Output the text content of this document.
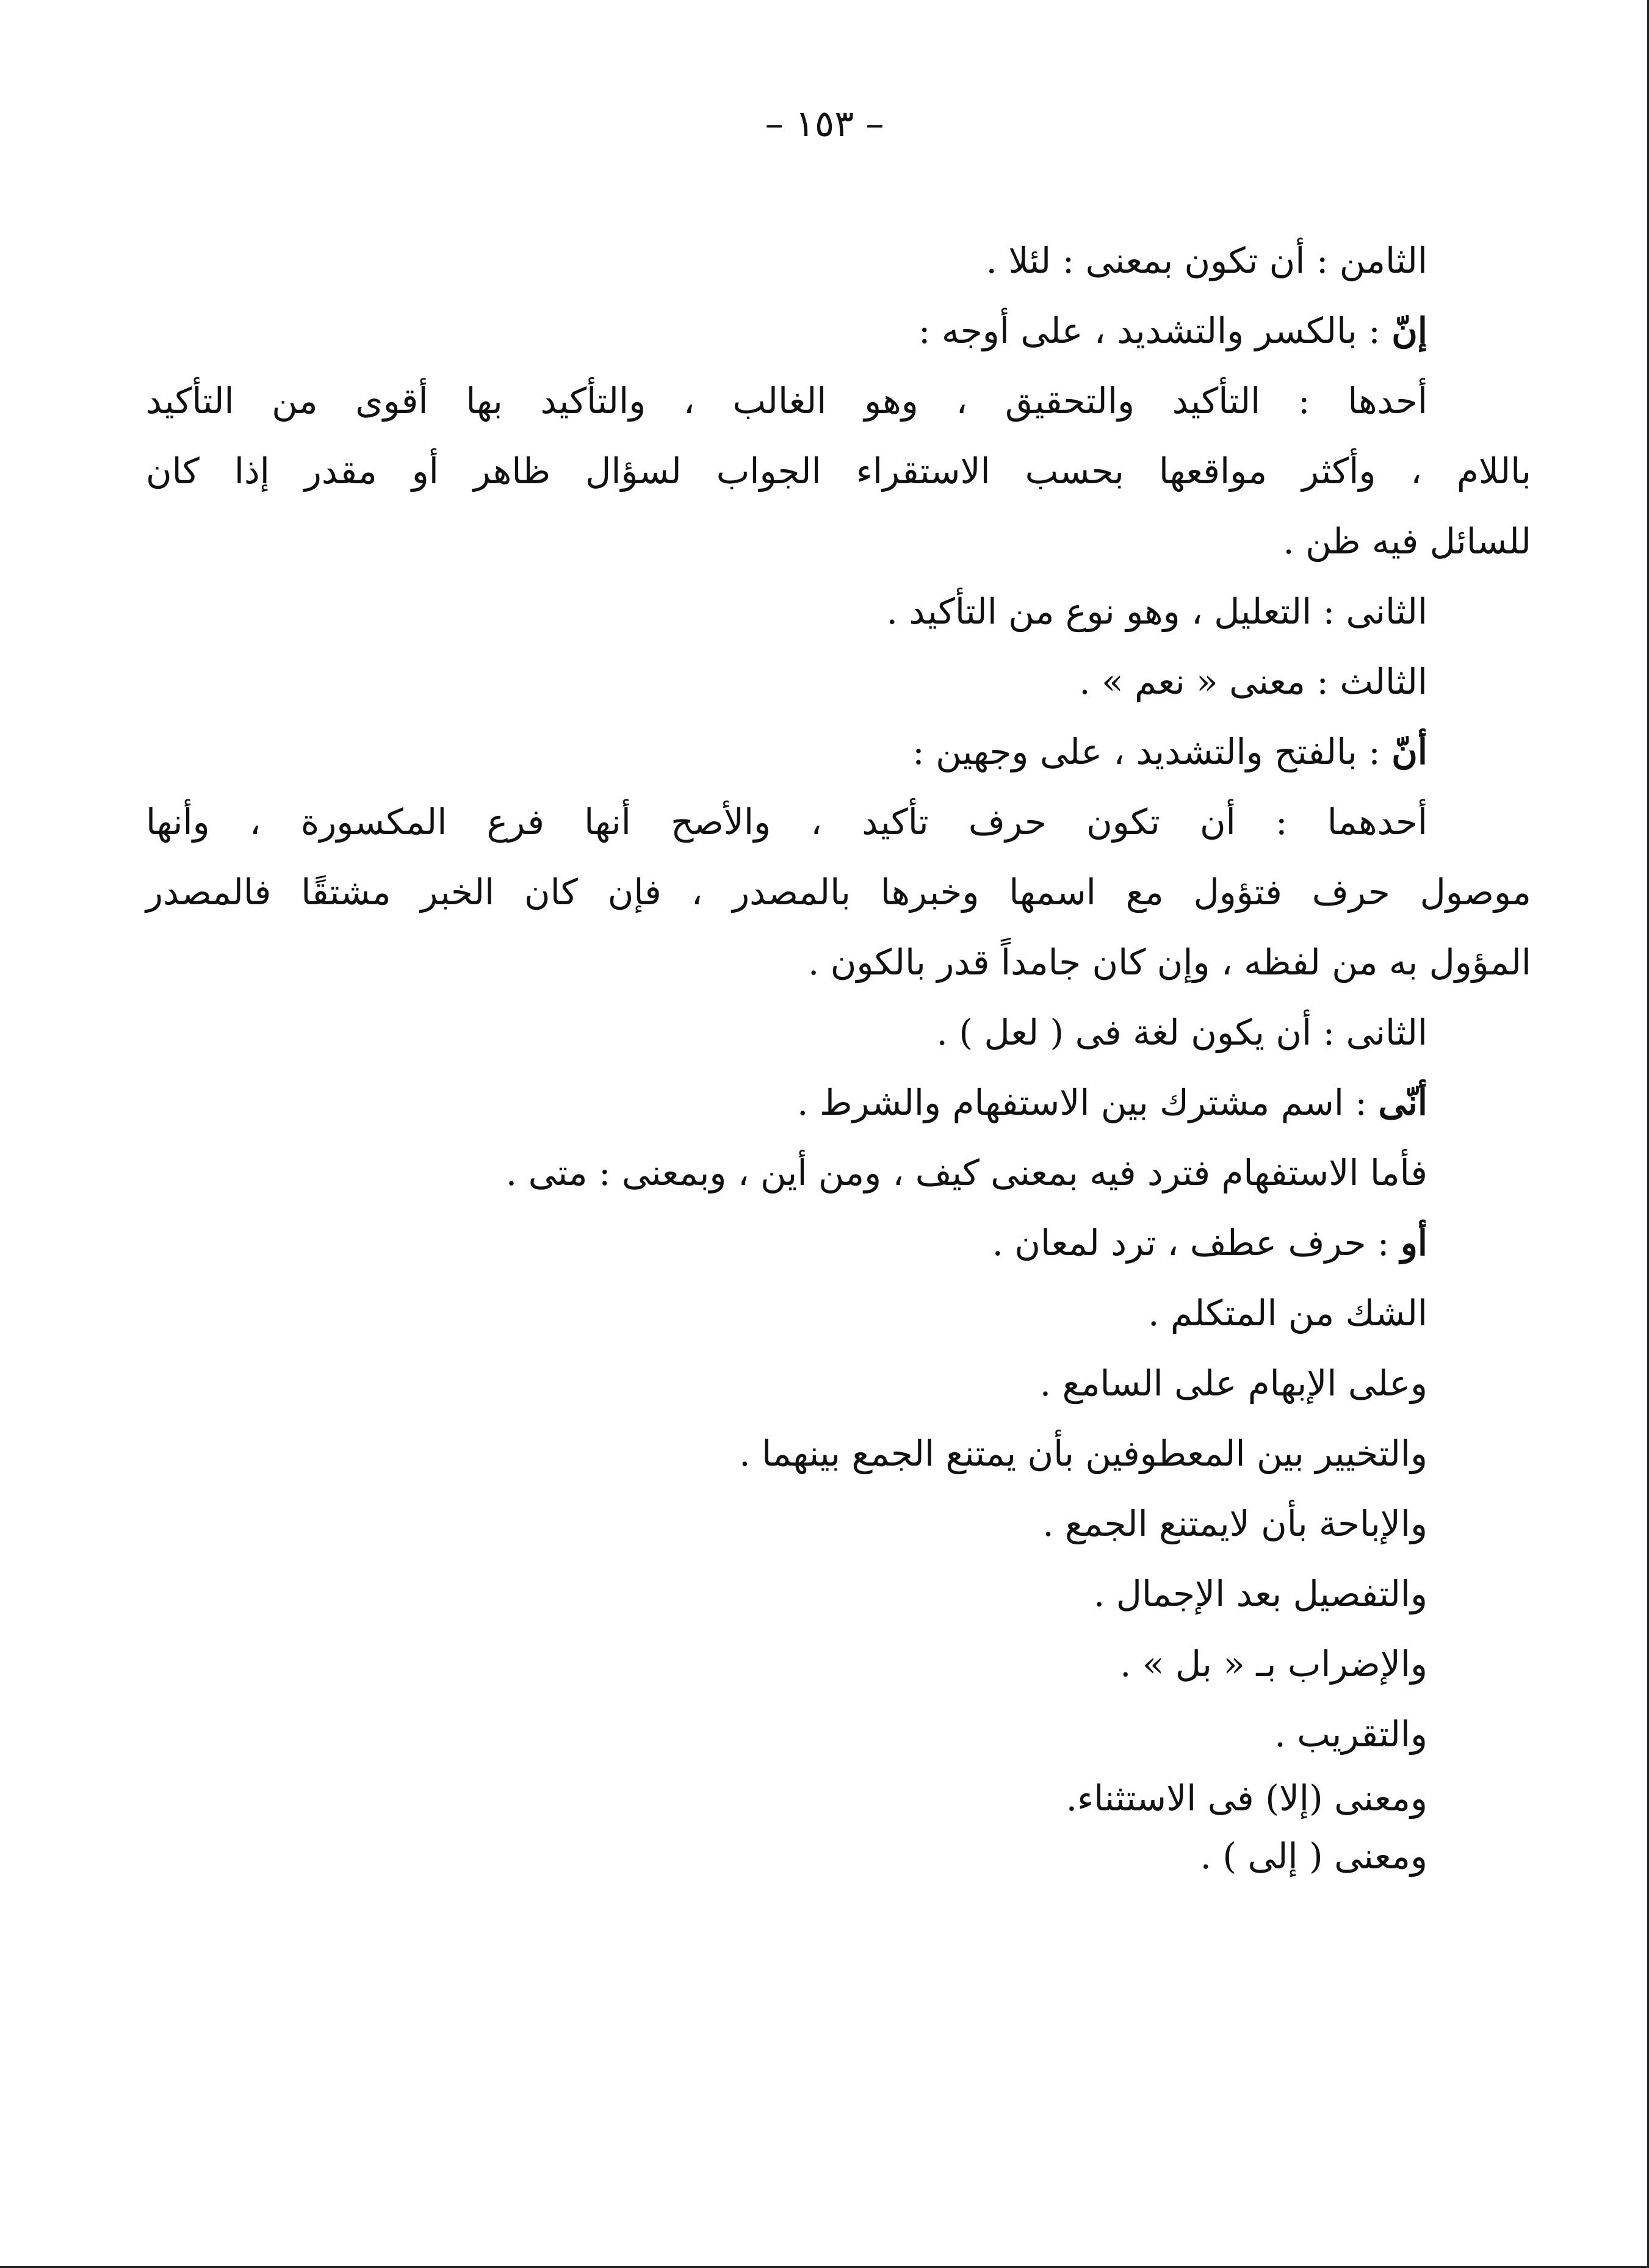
– ١٥٣ –
الثامن : أن تكون بمعنى : لئلا .
إنّ : بالكسر والتشديد ، على أوجه :
أحدها : التأكيد والتحقيق ، وهو الغالب ، والتأكيد بها أقوى من التأكيد
باللام ، وأكثر مواقعها بحسب الاستقراء الجواب لسؤال ظاهر أو مقدر إذا كان
للسائل فيه ظن .
الثانى : التعليل ، وهو نوع من التأكيد .
الثالث : معنى « نعم » .
أنّ : بالفتح والتشديد ، على وجهين :
أحدهما : أن تكون حرف تأكيد ، والأصح أنها فرع المكسورة ، وأنها
موصول حرف فتؤول مع اسمها وخبرها بالمصدر ، فإن كان الخبر مشتقًا فالمصدر
المؤول به من لفظه ، وإن كان جامداً قدر بالكون .
الثانى : أن يكون لغة فى ( لعل ) .
أنّى : اسم مشترك بين الاستفهام والشرط .
فأما الاستفهام فترد فيه بمعنى كيف ، ومن أين ، وبمعنى : متى .
أو : حرف عطف ، ترد لمعان .
الشك من المتكلم .
وعلى الإبهام على السامع .
والتخيير بين المعطوفين بأن يمتنع الجمع بينهما .
والإباحة بأن لايمتنع الجمع .
والتفصيل بعد الإجمال .
والإضراب بـ « بل » .
والتقريب .
ومعنى (إلا) فى الاستثناء.
ومعنى ( إلى ) .
